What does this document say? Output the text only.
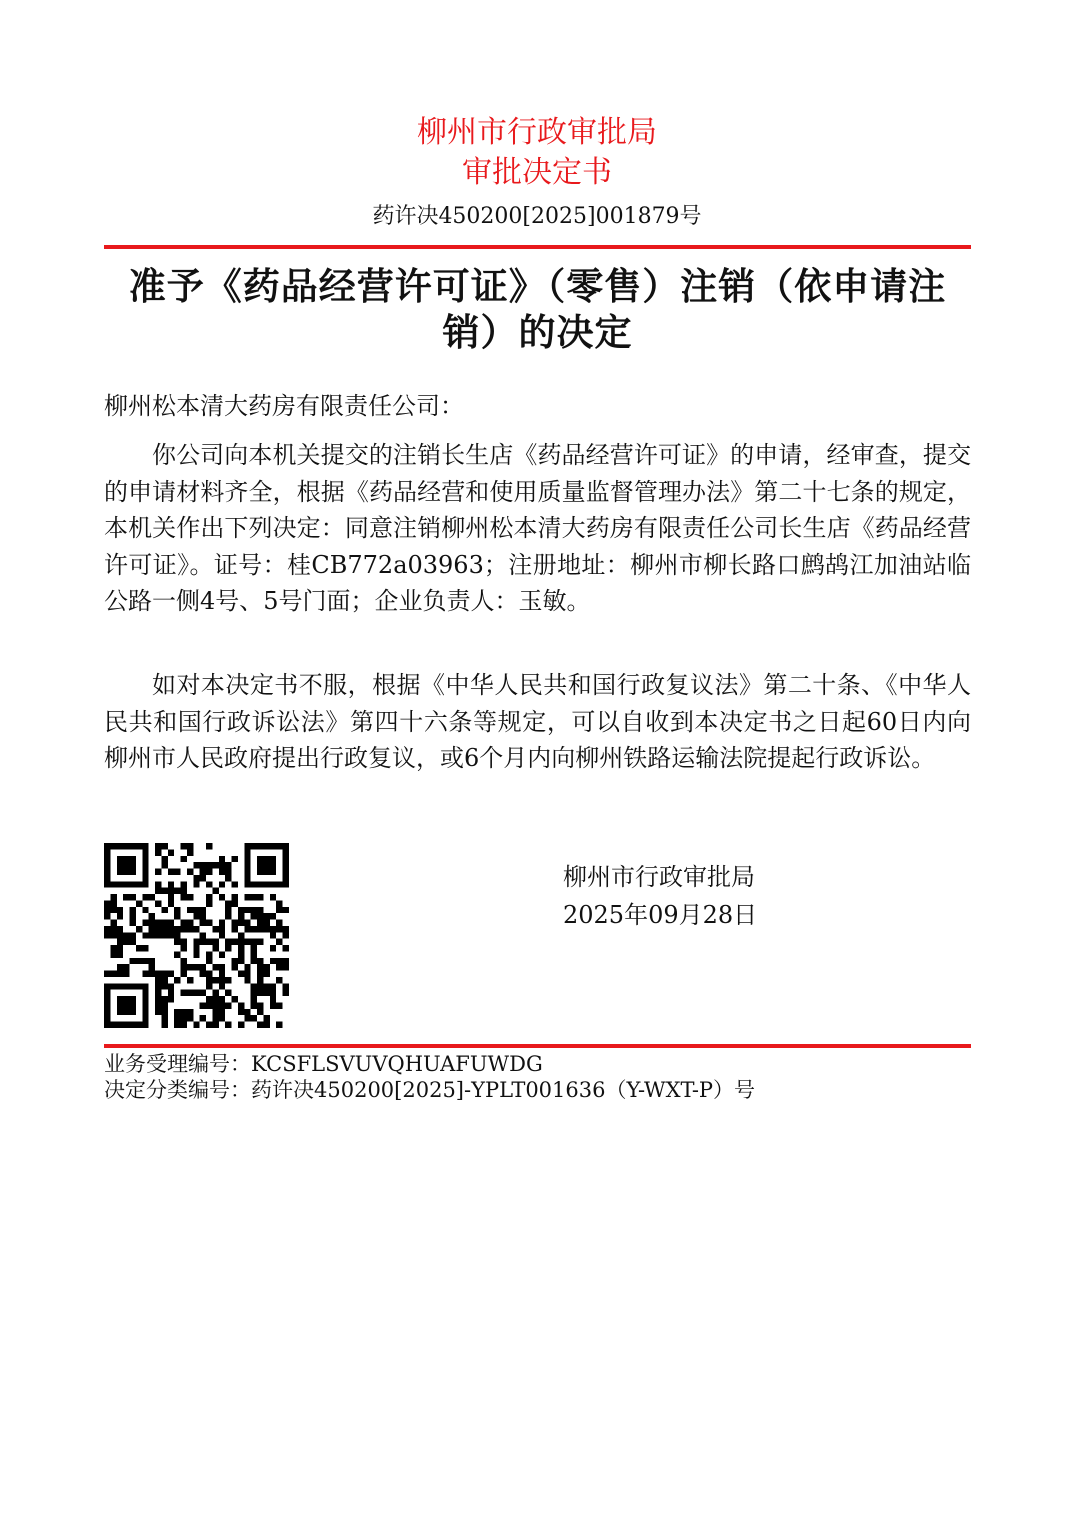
柳州市行政审批局
审批决定书
药许决450200[2025]001879号
准予《药品经营许可证》（零售）注销（依申请注销）的决定
柳州松本清大药房有限责任公司：
你公司向本机关提交的注销长生店《药品经营许可证》的申请，经审查，提交的申请材料齐全，根据《药品经营和使用质量监督管理办法》第二十七条的规定，本机关作出下列决定：同意注销柳州松本清大药房有限责任公司长生店《药品经营许可证》。证号：桂CB772a03963；注册地址：柳州市柳长路口鹧鸪江加油站临公路一侧4号、5号门面；企业负责人：玉敏。
如对本决定书不服，根据《中华人民共和国行政复议法》第二十条、《中华人民共和国行政诉讼法》第四十六条等规定，可以自收到本决定书之日起60日内向柳州市人民政府提出行政复议，或6个月内向柳州铁路运输法院提起行政诉讼。
柳州市行政审批局
2025年09月28日
业务受理编号：KCSFLSVUVQHUAFUWDG
决定分类编号：药许决450200[2025]-YPLT001636（Y-WXT-P）号
